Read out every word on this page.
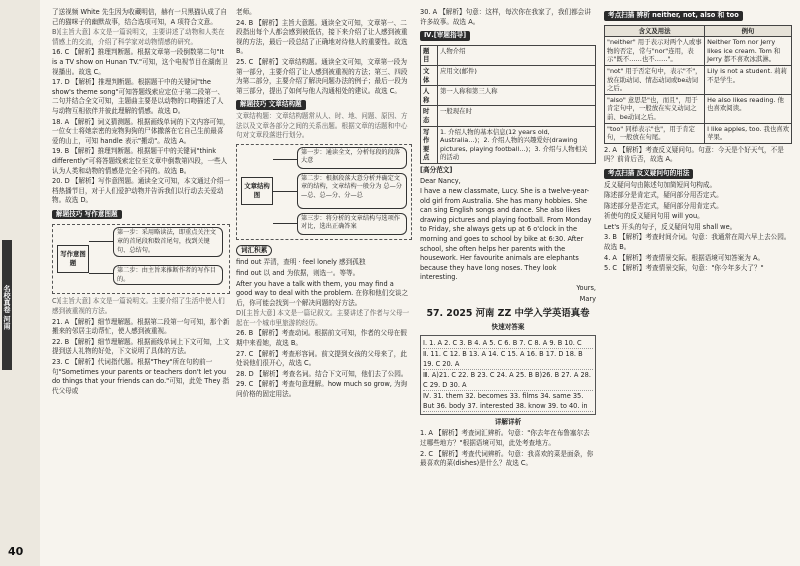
名校真卷 河南
40

了送视频 White 先生因为收藏明信，赫有一只黑猫认成了自己的猫咪子的幽默故事，结合选项可知，A 项符合文意。

B)[主旨大意] 本文是一篇说明文，主要讲述了动物和人类在情感上的交流，介绍了科学家对动物情感的研究。

16. C 【解析】推理判断题。根据文章第一段倒数第二句"It is a TV show on Hunan TV."可知，这个电视节目在湖南卫视播出。故选 C。

17. D 【解析】推理判断题。根据题干中的关键词"the show's theme song"可知答题线索应定位于第二段第一、二句并结合全文可知，主题曲主要是以动物的口吻描述了人与动物互相依伴并彼此理解的情感。故选 D。

18. A 【解析】词义猜测题。根据画线单词的下文内容可知，一位女士将她亲密的宠物狗狗的尸体撒落在它自己生前最喜爱的山上，可知 handle 表示"搬动"。故选 A。

19. B 【解析】推理判断题。根据题干中的关键词"think differently"可将答题线索定位至文章中倒数第四段，一些人认为人类和动物的情感是完全不同的。故选 B。

20. D 【解析】写作意图题。通读全文可知，本文通过介绍一档热播节目，对于人们爱护动物并告诉我们以行动去关爱动物。故选 D。

解题技巧 写作意图题
写作意图题
第一步：采用略读法，即重点关注文章的首尾段和数首尾句，找到关键句、总结句。
第二步：由主旨来推断作者的写作目的。

C)[主旨大意] 本文是一篇说明文。主要介绍了生活中使人们感到被重视的方法。

21. A 【解析】细节理解题。根据第二段第一句可知，那个新搬来的邻居主动帮忙，使人感到被重视。

22. B 【解析】细节理解题。根据画线单词上下文可知，上文提到送人礼物的好处，下文说明了具体的方法。

23. C 【解析】代词指代题。根据"They"所在句的前一句"Sometimes your parents or teachers don't let you do things that your friends can do."可知，此处 They 指代父母或

老师。

24. B 【解析】主旨大意题。通读全文可知，文章第一、二段指出每个人都会感到被低估，接下来介绍了让人感到被重视的方法，最后一段总结了正确地对待他人的重要性。故选 B。

25. C 【解析】文章结构题。通读全文可知，文章第一段为第一部分，主要介绍了让人感到被重视的方法；第三、四段为第二部分，主要介绍了解决问题办法的例子；最后一段为第三部分，提出了如何与他人沟通相处的建议。故选 C。

解题技巧 文章结构题

文章结构题：文章结构题常从人、时、地、问题、原因、方法以及文章各部分之间的关系出题。根据文章的话题和中心句对文章段落进行划分。

文章结构图
第一步：通读全文，分析每段的段落大意
第二步：根据段落大意分析并确定文章的结构，文章结构一般分为 总—分—总、总—分、分—总
第三步：将分析的文章结构与选项作对比，选出正确答案
词汇积累

find out 弄清，查明 · feel lonely 感到孤独

find out 以 and 为依据，则选一。等等。

After you have a talk with them, you may find a good way to deal with the problem. 在你和他们交谈之后，你可能会找到一个解决问题的好方法。

D)[主旨大意] 本文是一篇记叙文。主要讲述了作者与父母一起在一个城市里旅游的经历。

26. B 【解析】考查动词。根据前文可知，作者的父母在假期中来看她，故选 B。

27. C 【解析】考查形容词。前文提到女孩的父母来了，此处说他们很开心，故选 C。

28. D 【解析】考查名词。结合下文可知，他们去了公园。

29. C 【解析】考查句意理解。how much so grow, 为询问价格的固定用法。

30. A 【解析】句意：这样，每次你在我家了，我们都会讲许多故事。故选 A。

Ⅳ.[审题指导]
题目	人物介绍
文体	应用文(邮件)
人称	第一人称和第三人称
时态	一般现在时
写作要点	1. 介绍人物的基本信息(12 years old, Australia…)；2. 介绍人物的兴趣爱好(drawing pictures, playing football…)；3. 介绍与人物相关的活动

[高分范文]

Dear Nancy,

I have a new classmate, Lucy. She is a twelve-year-old girl from Australia. She has many hobbies. She can sing English songs and dance. She also likes drawing pictures and playing football. From Monday to Friday, she always gets up at 6 o'clock in the morning and goes to school by bike at 6:30. After school, she often helps her parents with the housework. Her favourite animals are elephants because they have long noses. They look interesting.

Yours,

Mary

57. 2025 河南 ZZ 中学入学英语真卷
快速对答案
Ⅰ. 1. A 2. C 3. B 4. A 5. C 6. B 7. C 8. A 9. B 10. C
Ⅱ. 11. C 12. B 13. A 14. C 15. A 16. B 17. D 18. B 19. C 20. A
Ⅲ. A)21. C 22. B 23. C 24. A 25. B B)26. B 27. A 28. C 29. D 30. A
Ⅳ. 31. them 32. becomes 33. films 34. same 35. But 36. body 37. interested 38. know 39. to 40. in
详解详析

1. A 【解析】考查词汇辨析。句意："你去年在布鲁塞尔去过哪些地方？"根据语境可知，此处考查地方。

2. C 【解析】考查代词辨析。句意：我喜欢的菜是面条，你最喜欢的菜(dishes)是什么？故选 C。

考点扫描 辨析 neither, not, also 和 too
含义及用法	例句
"neither" 用于表示对两个人或事物的否定，常与"nor"连用，表示"既不……也不……"。	Neither Tom nor Jerry likes ice cream. Tom 和 Jerry 都不喜欢冰淇淋。
"not" 用于否定句中，表示"不"，放在助动词、情态动词或be动词之后。	Lily is not a student. 莉莉不是学生。
"also" 意思是"也，而且"，用于肯定句中，一般放在实义动词之前、be动词之后。	He also likes reading. 他也喜欢阅读。
"too" 同样表示"也"，用于肯定句，一般放在句尾。	I like apples, too. 我也喜欢苹果。

2. A 【解析】考查反义疑问句。句意：今天是个好天气，不是吗？前肯后否，故选 A。

考点扫描 反义疑问句的用法

反义疑问句由陈述句加简短问句构成。

陈述部分是肯定式，疑问部分用否定式。

陈述部分是否定式，疑问部分用肯定式。

祈使句的反义疑问句用 will you。

Let's 开头的句子，反义疑问句用 shall we。

3. B 【解析】考查时间介词。句意：我通常在周六早上去公园。故选 B。

4. A 【解析】考查情景交际。根据语境可知答案为 A。

5. C 【解析】考查情景交际，句意："你今年多大了？"
